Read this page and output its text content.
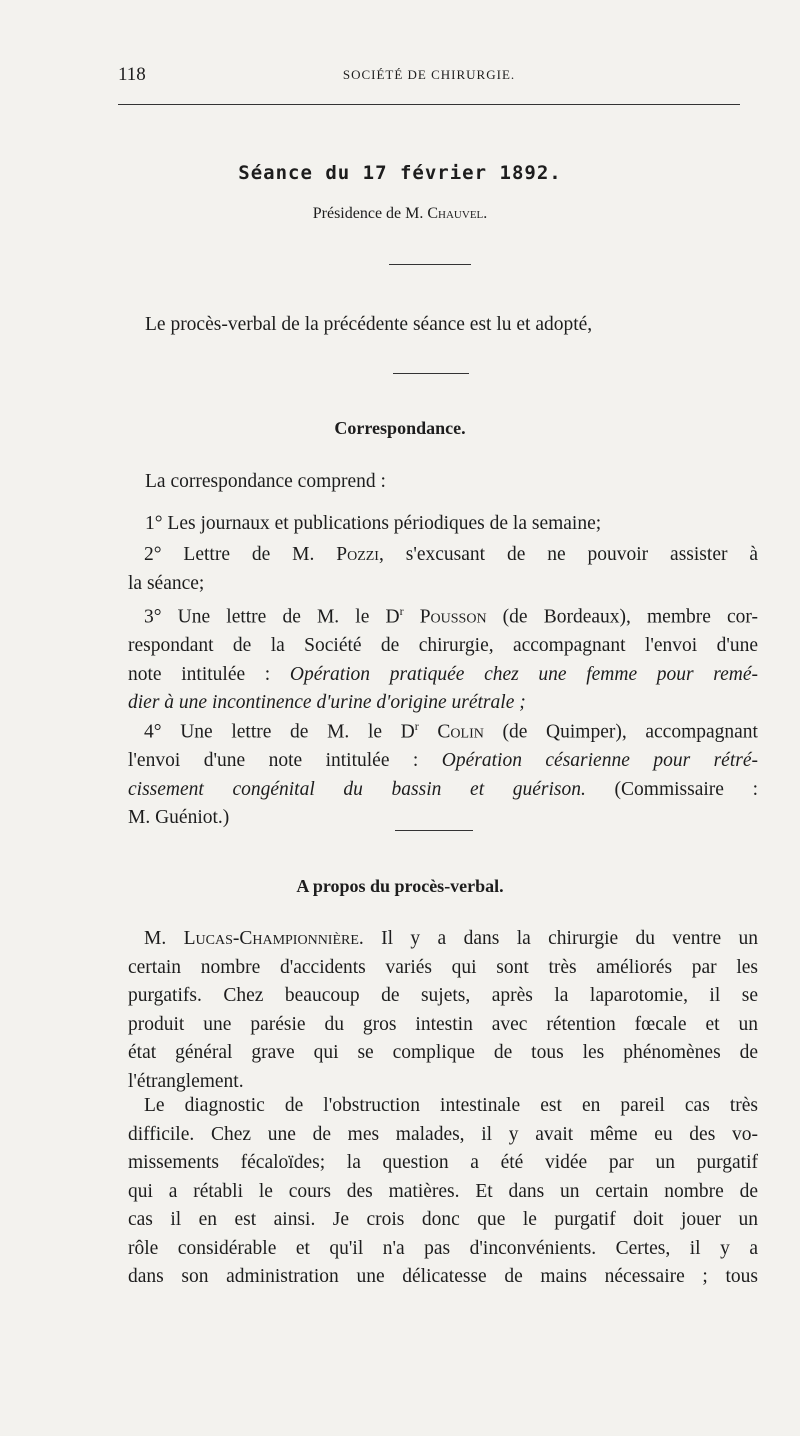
118	SOCIÉTÉ DE CHIRURGIE.
Séance du 17 février 1892.
Présidence de M. Chauvel.
Le procès-verbal de la précédente séance est lu et adopté,
Correspondance.
La correspondance comprend :
1° Les journaux et publications périodiques de la semaine;

2° Lettre de M. Pozzi, s'excusant de ne pouvoir assister à

la séance;

3° Une lettre de M. le $D^r$ Pousson (de Bordeaux), membre cor-

respondant de la Société de chirurgie, accompagnant l'envoi d'une

note intitulée : Opération pratiquée chez une femme pour remé-

dier à une incontinence d'urine d'origine urétrale ;

4° Une lettre de M. le $D^r$ Colin (de Quimper), accompagnant

l'envoi d'une note intitulée : Opération césarienne pour rétré-

cissement congénital du bassin et guérison. (Commissaire :

M. Guéniot.)

A propos du procès-verbal.

M. Lucas-Championnière. Il y a dans la chirurgie du ventre un

certain nombre d'accidents variés qui sont très améliorés par les

purgatifs. Chez beaucoup de sujets, après la laparotomie, il se

produit une parésie du gros intestin avec rétention fœcale et un

état général grave qui se complique de tous les phénomènes de

l'étranglement.

Le diagnostic de l'obstruction intestinale est en pareil cas très

difficile. Chez une de mes malades, il y avait même eu des vo-

missements fécaloïdes; la question a été vidée par un purgatif

qui a rétabli le cours des matières. Et dans un certain nombre de

cas il en est ainsi. Je crois donc que le purgatif doit jouer un

rôle considérable et qu'il n'a pas d'inconvénients. Certes, il y a

dans son administration une délicatesse de mains nécessaire ; tous
